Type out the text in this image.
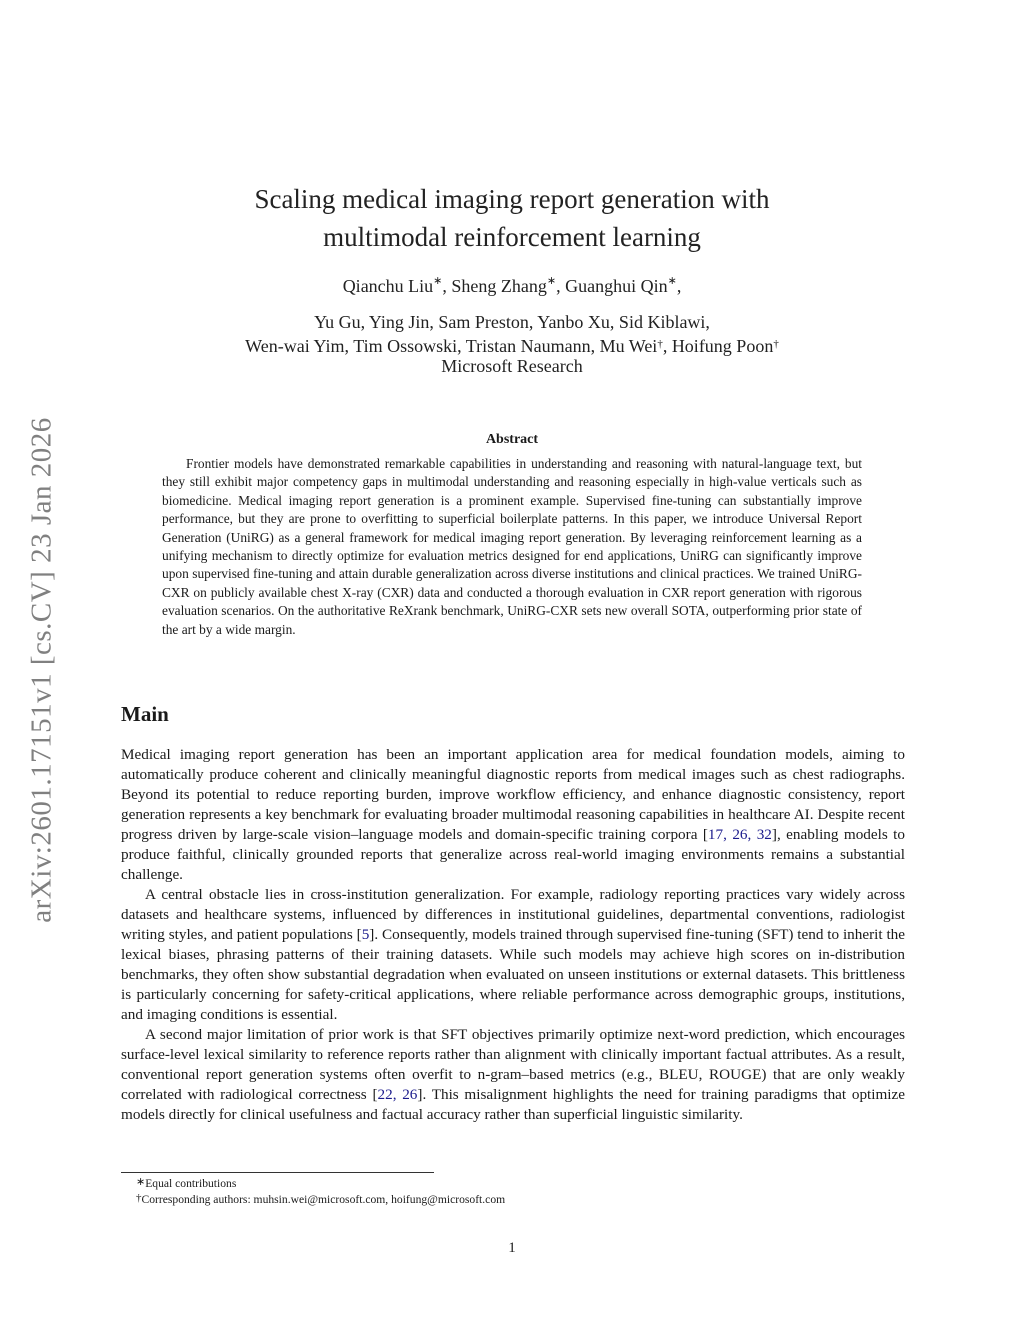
arXiv:2601.17151v1 [cs.CV] 23 Jan 2026
Scaling medical imaging report generation with
multimodal reinforcement learning
Qianchu Liu∗, Sheng Zhang∗, Guanghui Qin∗,
Yu Gu, Ying Jin, Sam Preston, Yanbo Xu, Sid Kiblawi,
Wen-wai Yim, Tim Ossowski, Tristan Naumann, Mu Wei†, Hoifung Poon†
Microsoft Research
Abstract
Frontier models have demonstrated remarkable capabilities in understanding and reasoning with natural-language text, but they still exhibit major competency gaps in multimodal understanding and reasoning especially in high-value verticals such as biomedicine. Medical imaging report generation is a prominent example. Supervised fine-tuning can substantially improve performance, but they are prone to overfitting to superficial boilerplate patterns. In this paper, we introduce Universal Report Generation (UniRG) as a general framework for medical imaging report generation. By leveraging reinforcement learning as a unifying mechanism to directly optimize for evaluation metrics designed for end applications, UniRG can significantly improve upon supervised fine-tuning and attain durable generalization across diverse institutions and clinical practices. We trained UniRG-CXR on publicly available chest X-ray (CXR) data and conducted a thorough evaluation in CXR report generation with rigorous evaluation scenarios. On the authoritative ReXrank benchmark, UniRG-CXR sets new overall SOTA, outperforming prior state of the art by a wide margin.
Main

Medical imaging report generation has been an important application area for medical foundation models, aiming to automatically produce coherent and clinically meaningful diagnostic reports from medical images such as chest radiographs. Beyond its potential to reduce reporting burden, improve workflow efficiency, and enhance diagnostic consistency, report generation represents a key benchmark for evaluating broader multimodal reasoning capabilities in healthcare AI. Despite recent progress driven by large-scale vision–language models and domain-specific training corpora [17, 26, 32], enabling models to produce faithful, clinically grounded reports that generalize across real-world imaging environments remains a substantial challenge.

A central obstacle lies in cross-institution generalization. For example, radiology reporting practices vary widely across datasets and healthcare systems, influenced by differences in institutional guidelines, departmental conventions, radiologist writing styles, and patient populations [5]. Consequently, models trained through supervised fine-tuning (SFT) tend to inherit the lexical biases, phrasing patterns of their training datasets. While such models may achieve high scores on in-distribution benchmarks, they often show substantial degradation when evaluated on unseen institutions or external datasets. This brittleness is particularly concerning for safety-critical applications, where reliable performance across demographic groups, institutions, and imaging conditions is essential.

A second major limitation of prior work is that SFT objectives primarily optimize next-word prediction, which encourages surface-level lexical similarity to reference reports rather than alignment with clinically important factual attributes. As a result, conventional report generation systems often overfit to n-gram–based metrics (e.g., BLEU, ROUGE) that are only weakly correlated with radiological correctness [22, 26]. This misalignment highlights the need for training paradigms that optimize models directly for clinical usefulness and factual accuracy rather than superficial linguistic similarity.

∗Equal contributions
†Corresponding authors: muhsin.wei@microsoft.com, hoifung@microsoft.com
1
